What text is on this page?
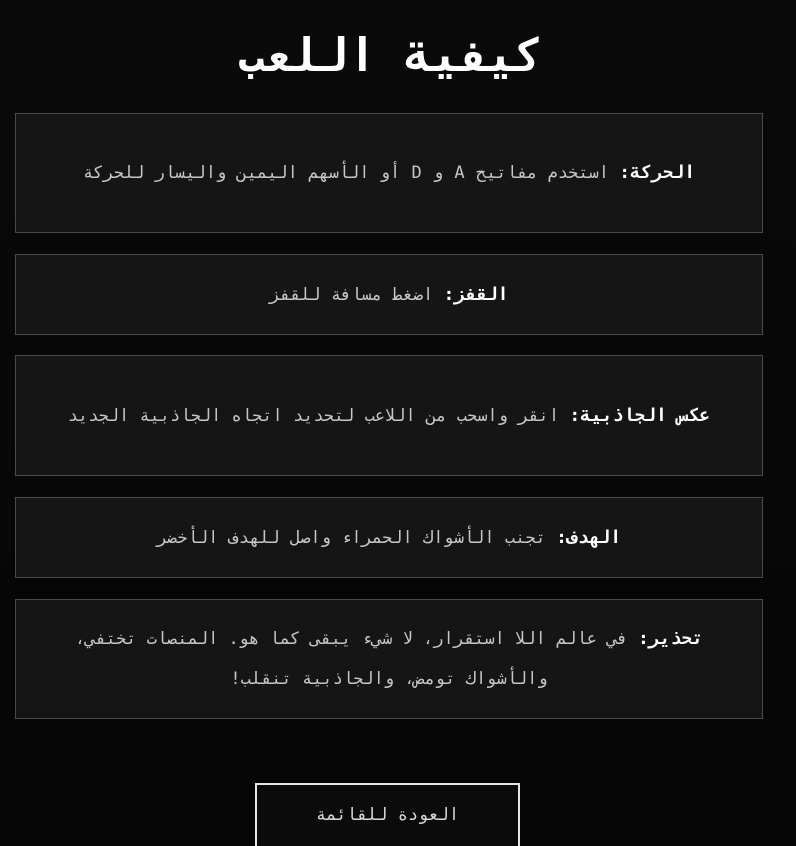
كيفية اللعب

الحركة: استخدم مفاتيح A و D أو الأسهم اليمين واليسار للحركة

القفز: اضغط مسافة للقفز

عكس الجاذبية: انقر واسحب من اللاعب لتحديد اتجاه الجاذبية الجديد

الهدف: تجنب الأشواك الحمراء واصل للهدف الأخضر

تحذير: في عالم اللا استقرار، لا شيء يبقى كما هو. المنصات تختفي، والأشواك تومض، والجاذبية تنقلب!

العودة للقائمة
